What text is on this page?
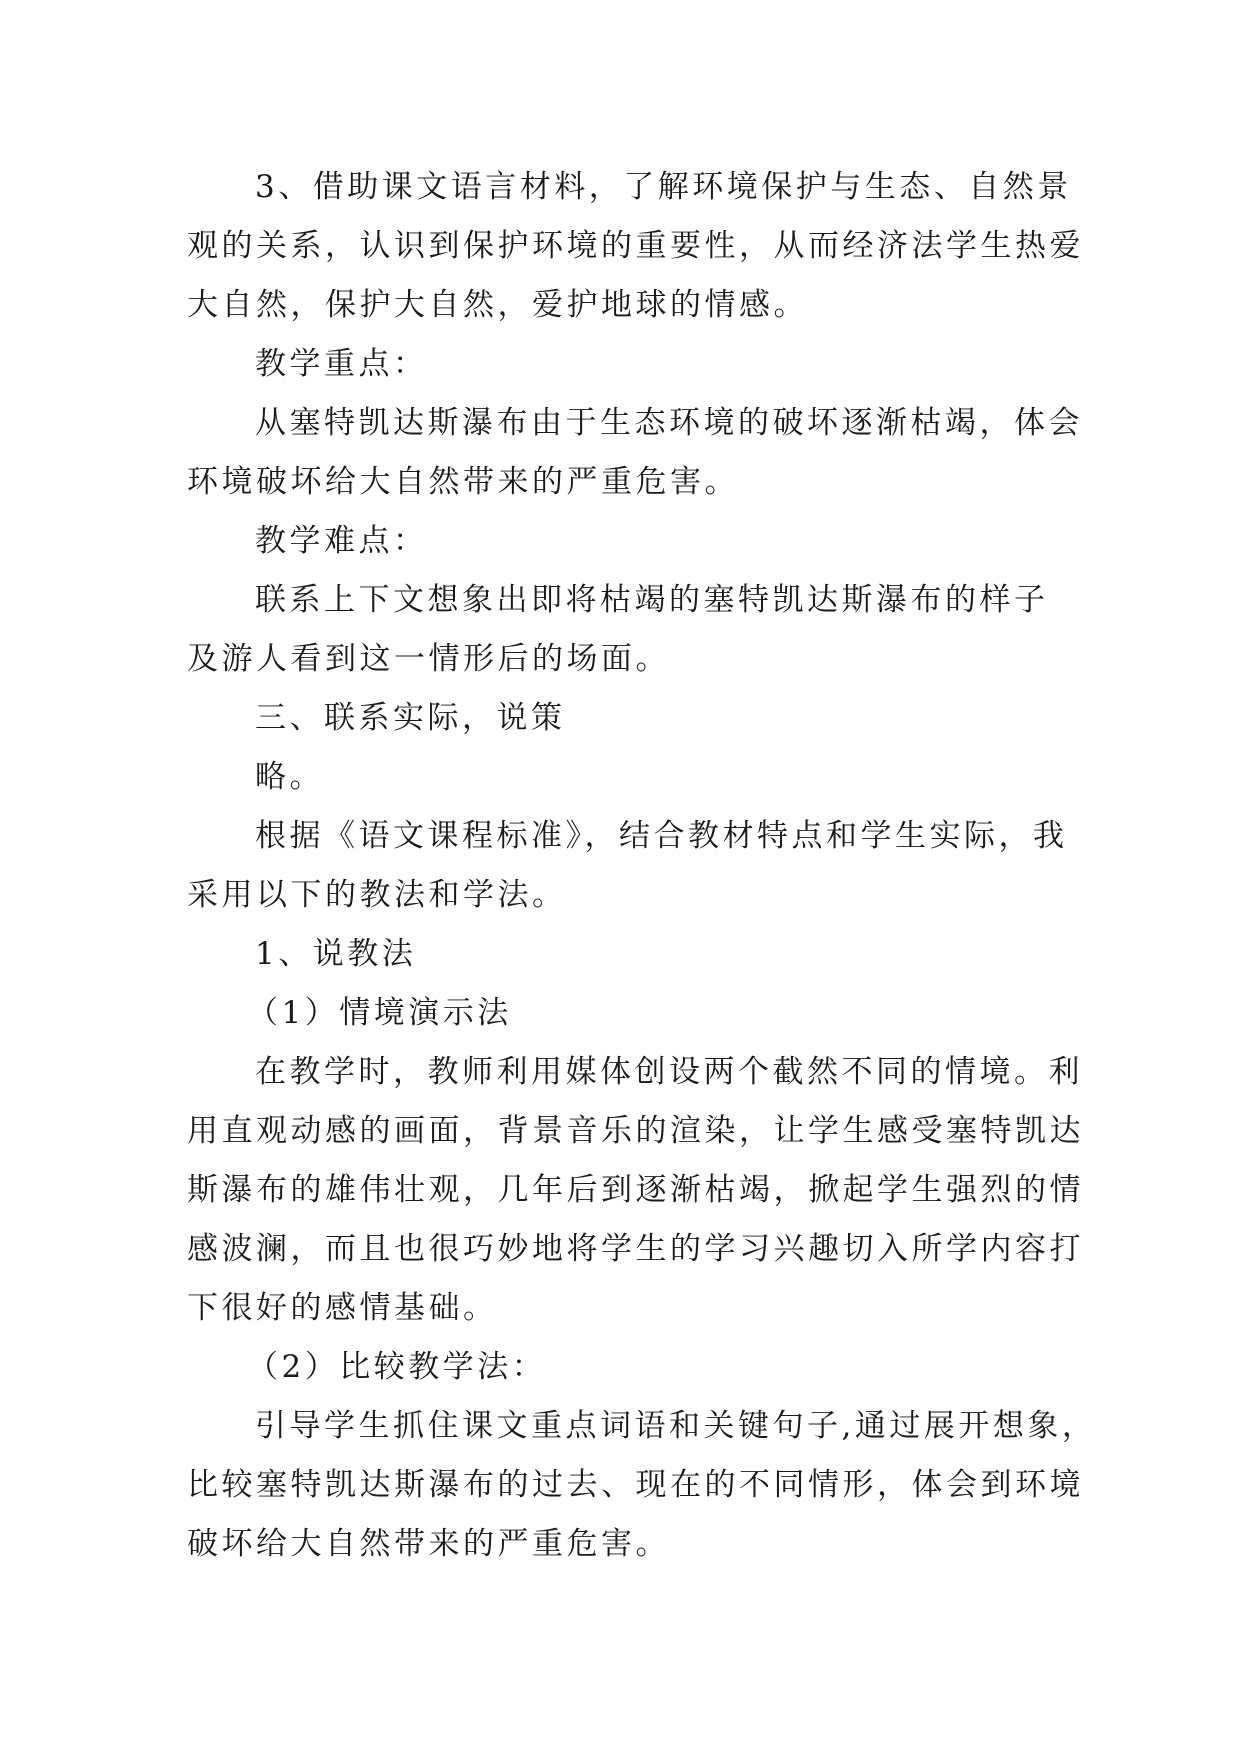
3、借助课文语言材料，了解环境保护与生态、自然景
观的关系，认识到保护环境的重要性，从而经济法学生热爱
大自然，保护大自然，爱护地球的情感。
教学重点：
从塞特凯达斯瀑布由于生态环境的破坏逐渐枯竭，体会
环境破坏给大自然带来的严重危害。
教学难点：
联系上下文想象出即将枯竭的塞特凯达斯瀑布的样子
及游人看到这一情形后的场面。
三、联系实际，说策
略。
根据《语文课程标准》，结合教材特点和学生实际，我
采用以下的教法和学法。
1、说教法
（1）情境演示法
在教学时，教师利用媒体创设两个截然不同的情境。利
用直观动感的画面，背景音乐的渲染，让学生感受塞特凯达
斯瀑布的雄伟壮观，几年后到逐渐枯竭，掀起学生强烈的情
感波澜，而且也很巧妙地将学生的学习兴趣切入所学内容打
下很好的感情基础。
（2）比较教学法：
引导学生抓住课文重点词语和关键句子,通过展开想象，
比较塞特凯达斯瀑布的过去、现在的不同情形，体会到环境
破坏给大自然带来的严重危害。
